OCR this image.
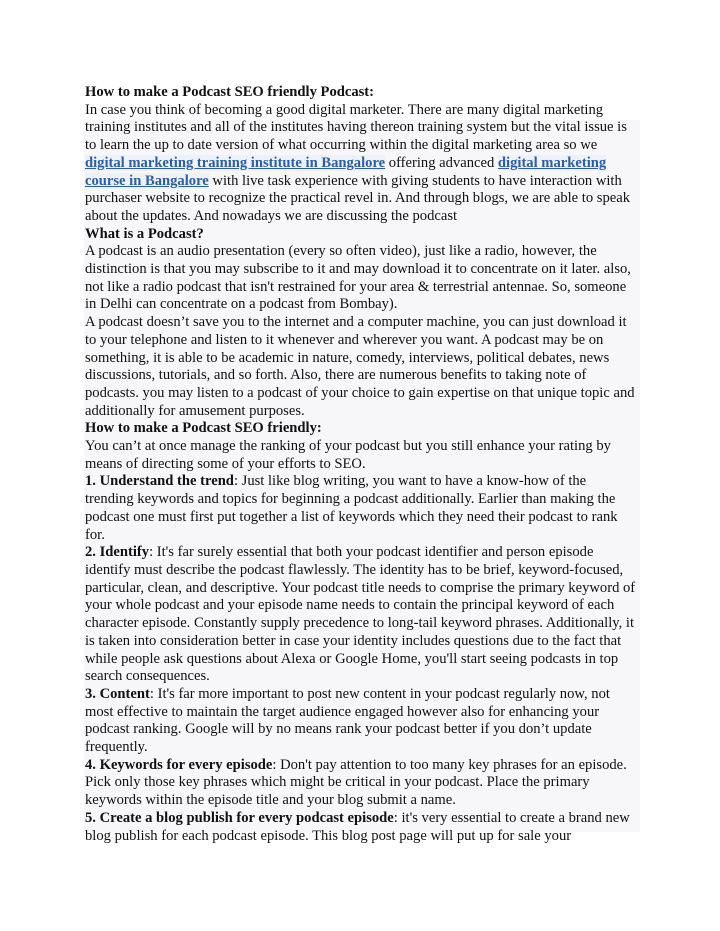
How to make a Podcast SEO friendly Podcast:

In case you think of becoming a good digital marketer. There are many digital marketing training institutes and all of the institutes having thereon training system but the vital issue is to learn the up to date version of what occurring within the digital marketing area so we digital marketing training institute in Bangalore offering advanced digital marketing course in Bangalore with live task experience with giving students to have interaction with purchaser website to recognize the practical revel in. And through blogs, we are able to speak about the updates. And nowadays we are discussing the podcast

What is a Podcast?

A podcast is an audio presentation (every so often video), just like a radio, however, the distinction is that you may subscribe to it and may download it to concentrate on it later. also, not like a radio podcast that isn't restrained for your area & terrestrial antennae. So, someone in Delhi can concentrate on a podcast from Bombay).

A podcast doesn’t save you to the internet and a computer machine, you can just download it to your telephone and listen to it whenever and wherever you want. A podcast may be on something, it is able to be academic in nature, comedy, interviews, political debates, news discussions, tutorials, and so forth. Also, there are numerous benefits to taking note of podcasts. you may listen to a podcast of your choice to gain expertise on that unique topic and additionally for amusement purposes.

How to make a Podcast SEO friendly:

You can’t at once manage the ranking of your podcast but you still enhance your rating by means of directing some of your efforts to SEO.

1. Understand the trend: Just like blog writing, you want to have a know-how of the trending keywords and topics for beginning a podcast additionally. Earlier than making the podcast one must first put together a list of keywords which they need their podcast to rank for.

2. Identify: It's far surely essential that both your podcast identifier and person episode identify must describe the podcast flawlessly. The identity has to be brief, keyword-focused, particular, clean, and descriptive. Your podcast title needs to comprise the primary keyword of your whole podcast and your episode name needs to contain the principal keyword of each character episode. Constantly supply precedence to long-tail keyword phrases. Additionally, it is taken into consideration better in case your identity includes questions due to the fact that while people ask questions about Alexa or Google Home, you'll start seeing podcasts in top search consequences.

3. Content: It's far more important to post new content in your podcast regularly now, not most effective to maintain the target audience engaged however also for enhancing your podcast ranking. Google will by no means rank your podcast better if you don’t update frequently.

4. Keywords for every episode: Don't pay attention to too many key phrases for an episode. Pick only those key phrases which might be critical in your podcast. Place the primary keywords within the episode title and your blog submit a name.

5. Create a blog publish for every podcast episode: it's very essential to create a brand new blog publish for each podcast episode. This blog post page will put up for sale your
